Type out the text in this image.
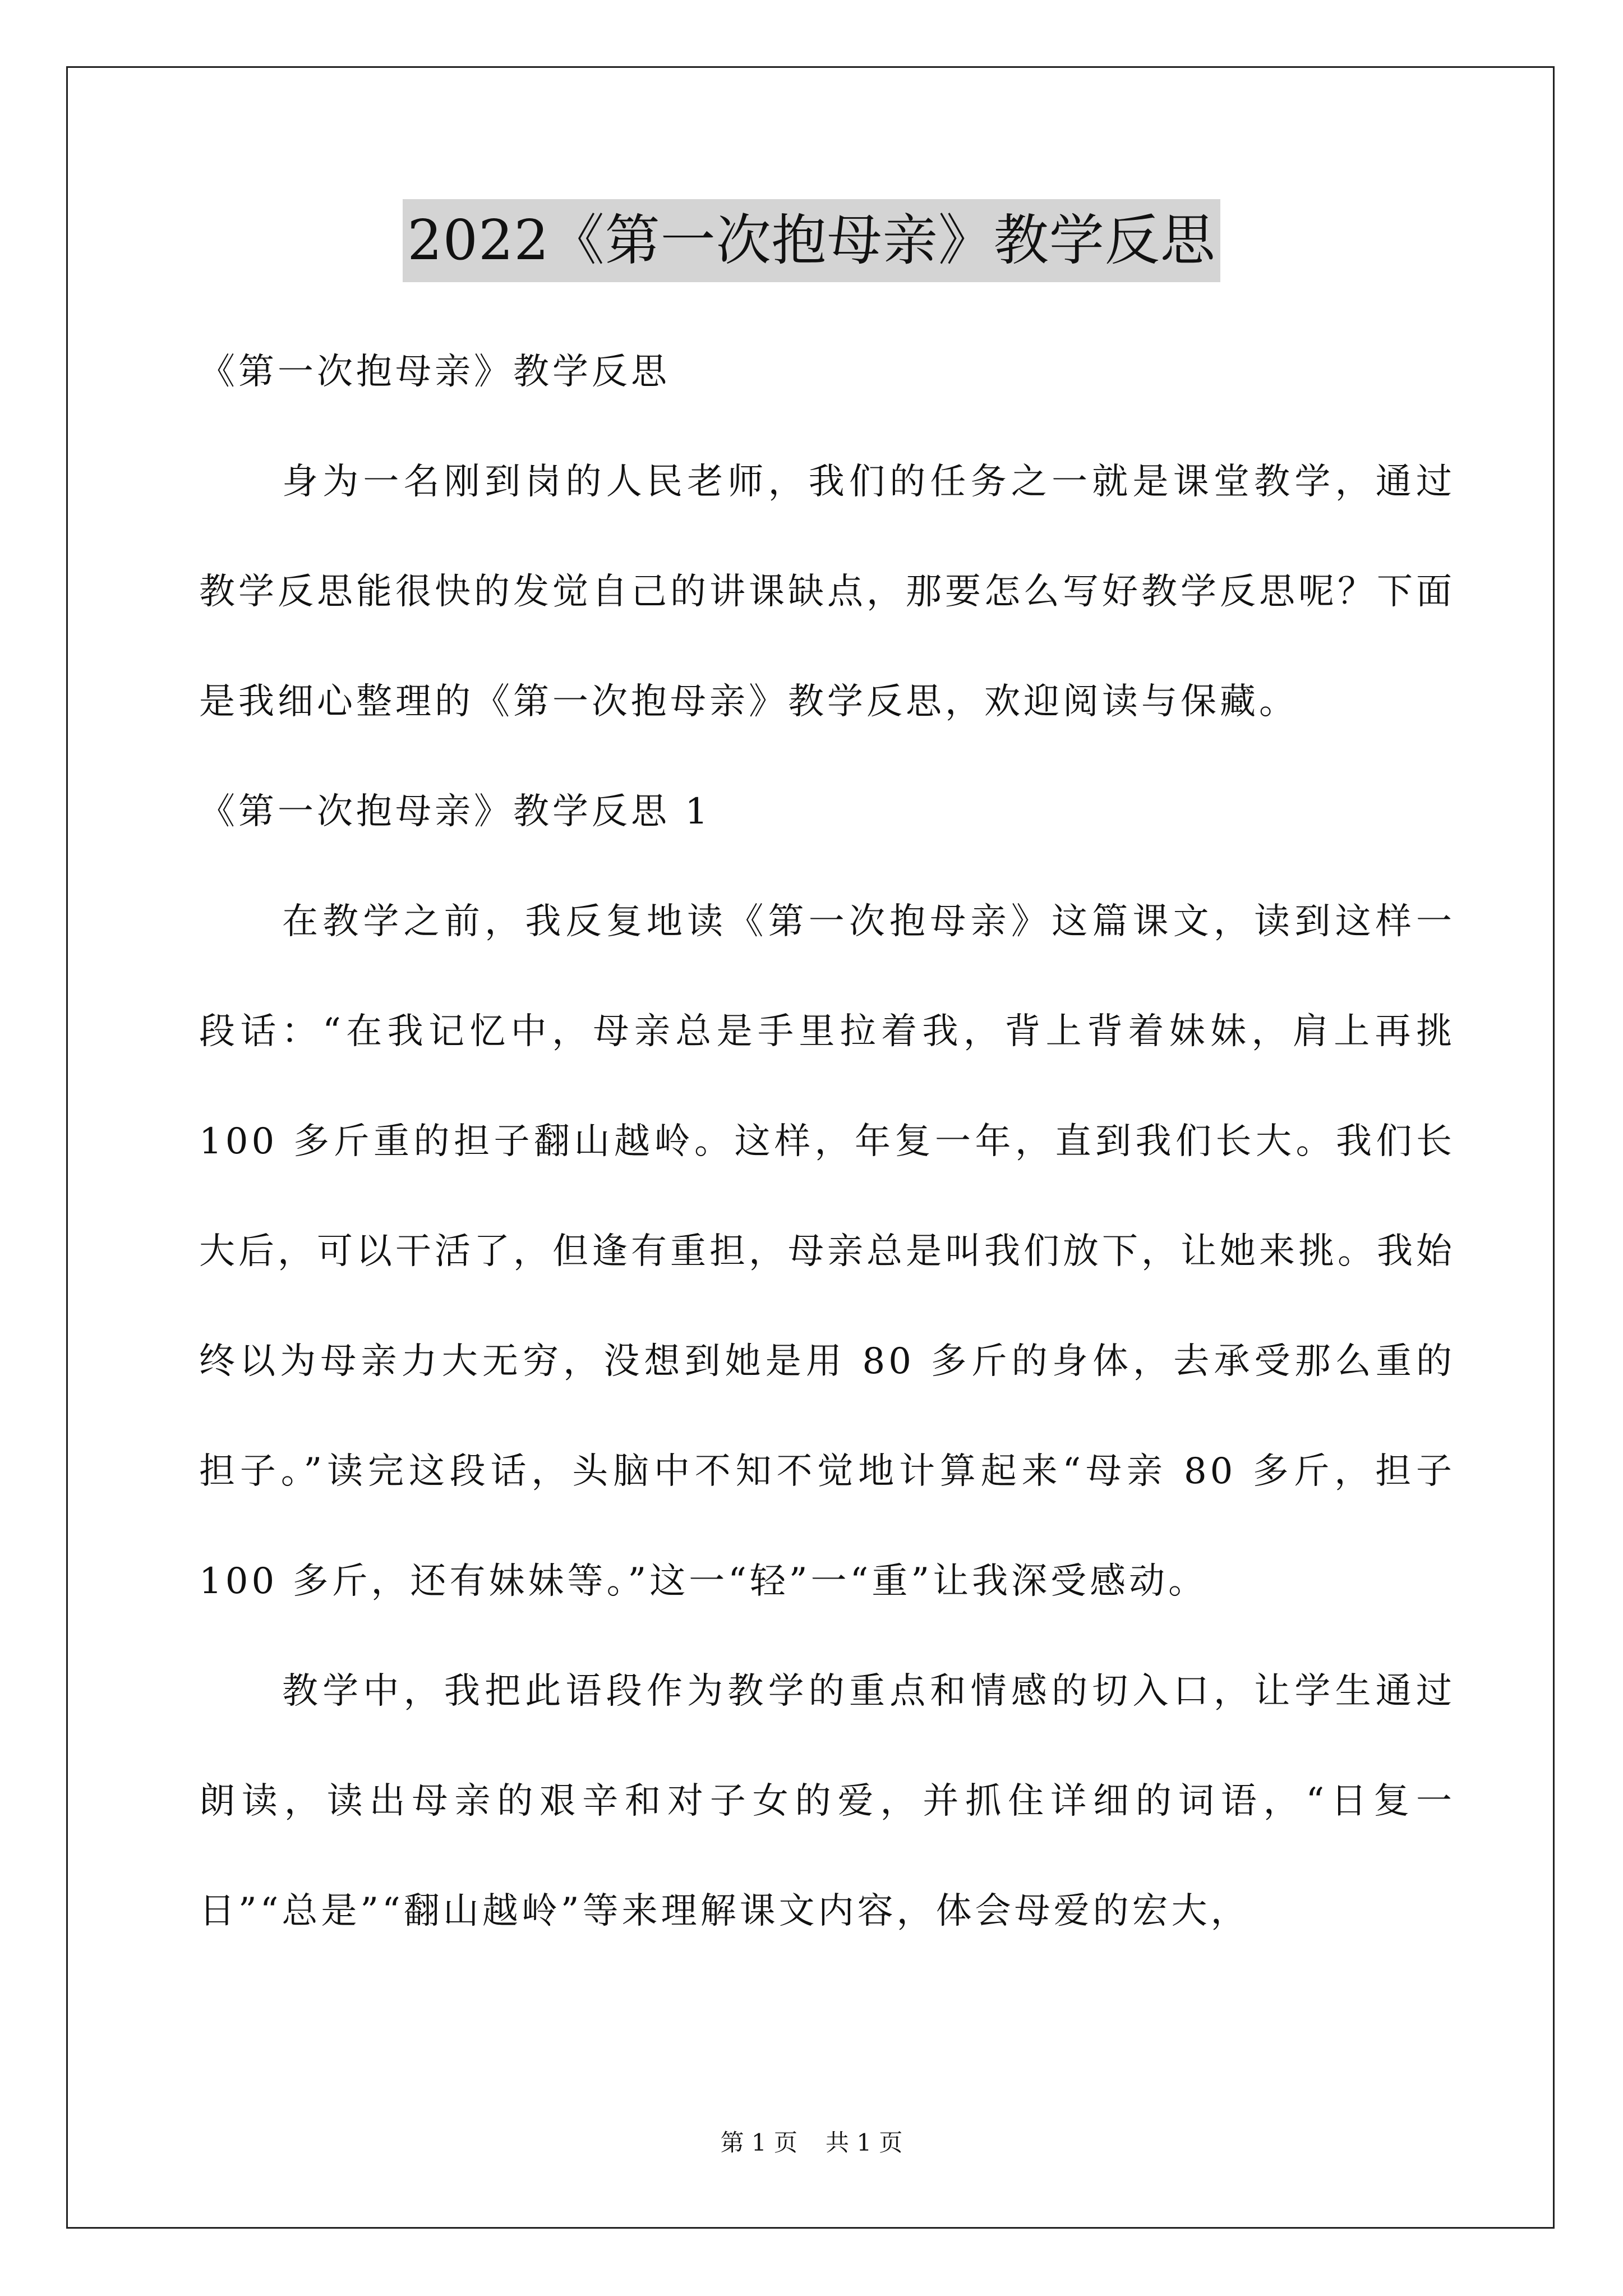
2022《第一次抱母亲》教学反思

《第一次抱母亲》教学反思

身为一名刚到岗的人民老师，我们的任务之一就是课堂教学，通过教学反思能很快的发觉自己的讲课缺点，那要怎么写好教学反思呢？下面是我细心整理的《第一次抱母亲》教学反思，欢迎阅读与保藏。

《第一次抱母亲》教学反思 1

在教学之前，我反复地读《第一次抱母亲》这篇课文，读到这样一段话：“在我记忆中，母亲总是手里拉着我，背上背着妹妹，肩上再挑 100 多斤重的担子翻山越岭。这样，年复一年，直到我们长大。我们长大后，可以干活了，但逢有重担，母亲总是叫我们放下，让她来挑。我始终以为母亲力大无穷，没想到她是用 80 多斤的身体，去承受那么重的担子。”读完这段话，头脑中不知不觉地计算起来“母亲 80 多斤，担子 100 多斤，还有妹妹等。”这一“轻”一“重”让我深受感动。

教学中，我把此语段作为教学的重点和情感的切入口，让学生通过朗读，读出母亲的艰辛和对子女的爱，并抓住详细的词语，“日复一日”“总是”“翻山越岭”等来理解课文内容，体会母爱的宏大，

第 1 页 共 1 页
